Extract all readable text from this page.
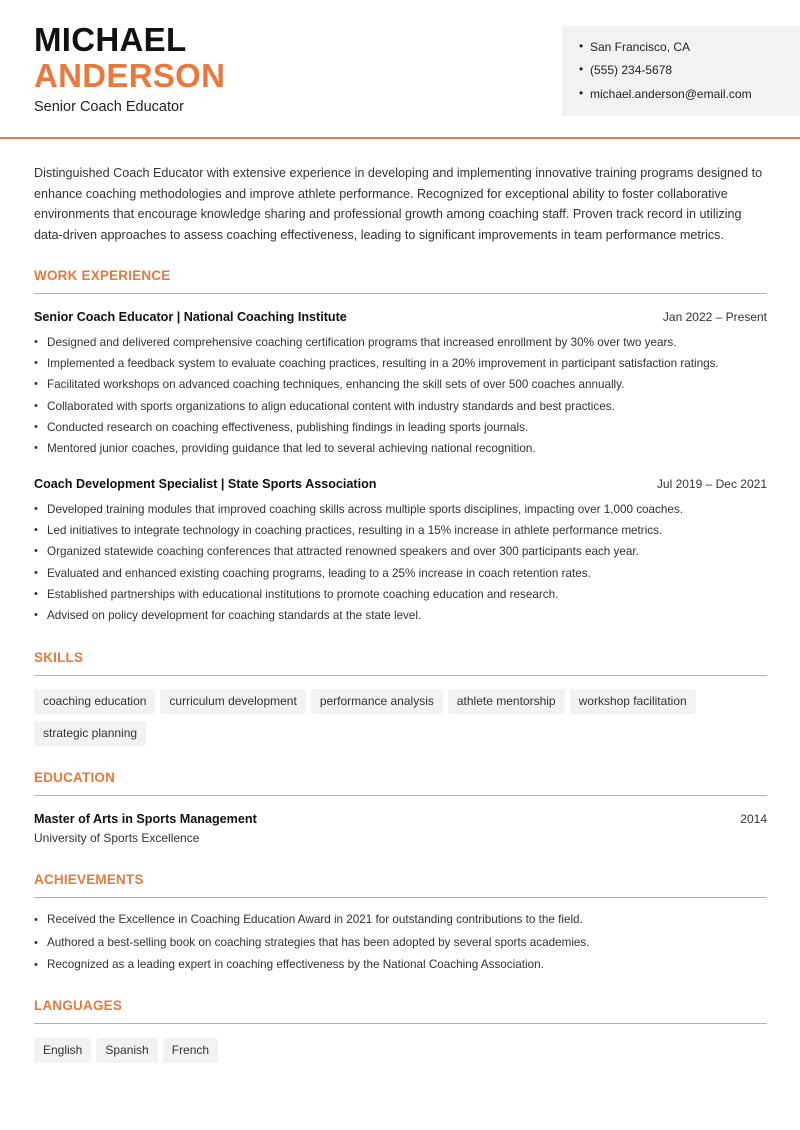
MICHAEL
ANDERSON
Senior Coach Educator
• San Francisco, CA
• (555) 234-5678
• michael.anderson@email.com
Distinguished Coach Educator with extensive experience in developing and implementing innovative training programs designed to enhance coaching methodologies and improve athlete performance. Recognized for exceptional ability to foster collaborative environments that encourage knowledge sharing and professional growth among coaching staff. Proven track record in utilizing data-driven approaches to assess coaching effectiveness, leading to significant improvements in team performance metrics.
WORK EXPERIENCE
Senior Coach Educator | National Coaching Institute	Jan 2022 – Present
• Designed and delivered comprehensive coaching certification programs that increased enrollment by 30% over two years.
• Implemented a feedback system to evaluate coaching practices, resulting in a 20% improvement in participant satisfaction ratings.
• Facilitated workshops on advanced coaching techniques, enhancing the skill sets of over 500 coaches annually.
• Collaborated with sports organizations to align educational content with industry standards and best practices.
• Conducted research on coaching effectiveness, publishing findings in leading sports journals.
• Mentored junior coaches, providing guidance that led to several achieving national recognition.
Coach Development Specialist | State Sports Association	Jul 2019 – Dec 2021
• Developed training modules that improved coaching skills across multiple sports disciplines, impacting over 1,000 coaches.
• Led initiatives to integrate technology in coaching practices, resulting in a 15% increase in athlete performance metrics.
• Organized statewide coaching conferences that attracted renowned speakers and over 300 participants each year.
• Evaluated and enhanced existing coaching programs, leading to a 25% increase in coach retention rates.
• Established partnerships with educational institutions to promote coaching education and research.
• Advised on policy development for coaching standards at the state level.
SKILLS
coaching education curriculum development performance analysis athlete mentorship workshop facilitationstrategic planning
EDUCATION
Master of Arts in Sports Management	2014
University of Sports Excellence
ACHIEVEMENTS
• Received the Excellence in Coaching Education Award in 2021 for outstanding contributions to the field.
• Authored a best-selling book on coaching strategies that has been adopted by several sports academies.
• Recognized as a leading expert in coaching effectiveness by the National Coaching Association.
LANGUAGES
English Spanish French
